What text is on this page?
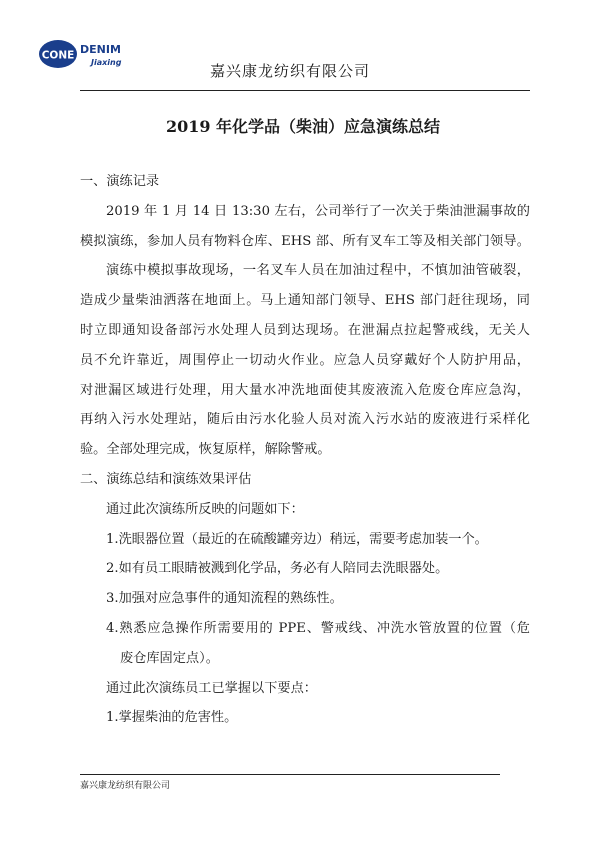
CONE DENIM
Jiaxing	嘉兴康龙纺织有限公司
2019 年化学品（柴油）应急演练总结
一、演练记录
2019 年 1 月 14 日 13:30 左右，公司举行了一次关于柴油泄漏事故的
模拟演练，参加人员有物料仓库、EHS 部、所有叉车工等及相关部门领导。
演练中模拟事故现场，一名叉车人员在加油过程中，不慎加油管破裂，
造成少量柴油洒落在地面上。马上通知部门领导、EHS 部门赶往现场，同
时立即通知设备部污水处理人员到达现场。在泄漏点拉起警戒线，无关人
员不允许靠近，周围停止一切动火作业。应急人员穿戴好个人防护用品，
对泄漏区域进行处理，用大量水冲洗地面使其废液流入危废仓库应急沟，
再纳入污水处理站，随后由污水化验人员对流入污水站的废液进行采样化
验。全部处理完成，恢复原样，解除警戒。
二、演练总结和演练效果评估
通过此次演练所反映的问题如下：
1.洗眼器位置（最近的在硫酸罐旁边）稍远，需要考虑加装一个。
2.如有员工眼睛被溅到化学品，务必有人陪同去洗眼器处。
3.加强对应急事件的通知流程的熟练性。
4.熟悉应急操作所需要用的 PPE、警戒线、冲洗水管放置的位置（危
废仓库固定点）。
通过此次演练员工已掌握以下要点：
1.掌握柴油的危害性。
嘉兴康龙纺织有限公司
